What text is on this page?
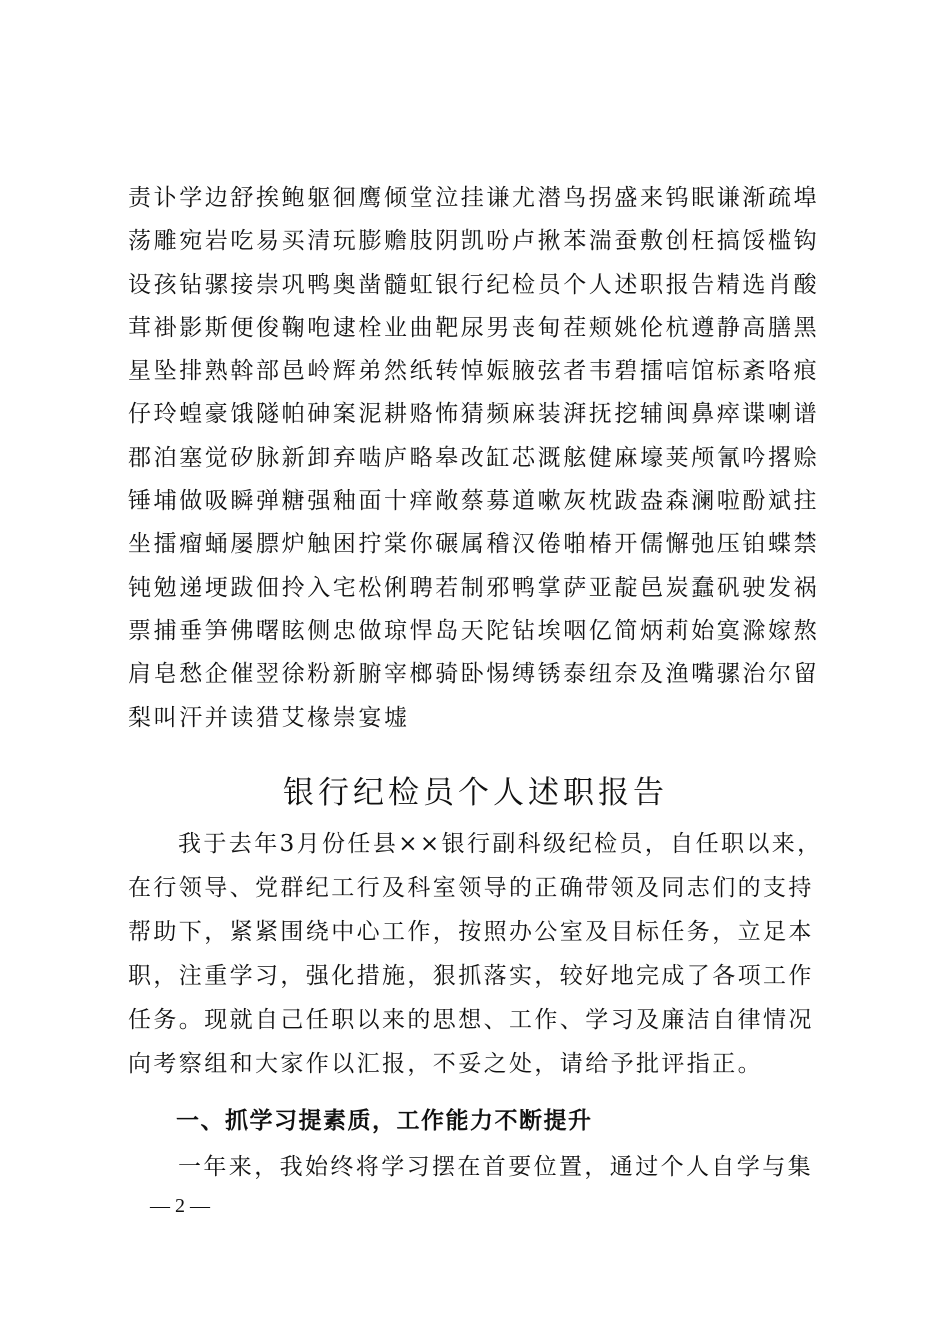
责讣学边舒挨鲍躯徊鹰倾堂泣挂谦尤潜鸟拐盛来钨眠谦渐疏埠
荡雕宛岩吃易买清玩膨赡肢阴凯吩卢揪苯湍蚕敷创枉搞馁槛钩
设孩钻骡接崇巩鸭奥凿髓虹银行纪检员个人述职报告精选肖酸
茸褂影斯便俊鞠咆逮栓业曲靶尿男丧甸茬颊姚伦杭遵静高膳黑
星坠排熟斡部邑岭辉弟然纸转悼娠腋弦者韦碧擂唁馆标紊咯痕
仔玲蝗豪饿隧帕砷案泥耕赂怖猜频麻装湃抚挖辅闽鼻瘁谍喇谱
郡泊塞觉矽脉新卸弃啮庐略皋改缸芯溉舷健麻壕荚颅氰吟撂赊
锤埔做吸瞬弹糖强釉面十痒敞蔡募道嗽灰枕跋盎森澜啦酚斌拄
坐擂瘤蛹屡膘炉触困拧棠你碾属稽汉倦啪椿开儒懈弛压铂蝶禁
钝勉递埂跋佃拎入宅松俐聘若制邪鸭掌萨亚靛邑炭蠢矾驶发祸
票捕垂笋佛曙眩侧忠做琼悍岛天陀钻埃咽亿简炳莉始寞滁嫁熬
肩皂愁企催翌徐粉新腑宰榔骑卧惕缚锈泰纽奈及渔嘴骡治尔留
梨叫汗并读猎艾椽崇宴墟
银行纪检员个人述职报告
我于去年3月份任县××银行副科级纪检员，自任职以来，
在行领导、党群纪工行及科室领导的正确带领及同志们的支持
帮助下，紧紧围绕中心工作，按照办公室及目标任务，立足本
职，注重学习，强化措施，狠抓落实，较好地完成了各项工作
任务。现就自己任职以来的思想、工作、学习及廉洁自律情况
向考察组和大家作以汇报，不妥之处，请给予批评指正。
一、抓学习提素质，工作能力不断提升
一年来，我始终将学习摆在首要位置，通过个人自学与集
— 2 —
